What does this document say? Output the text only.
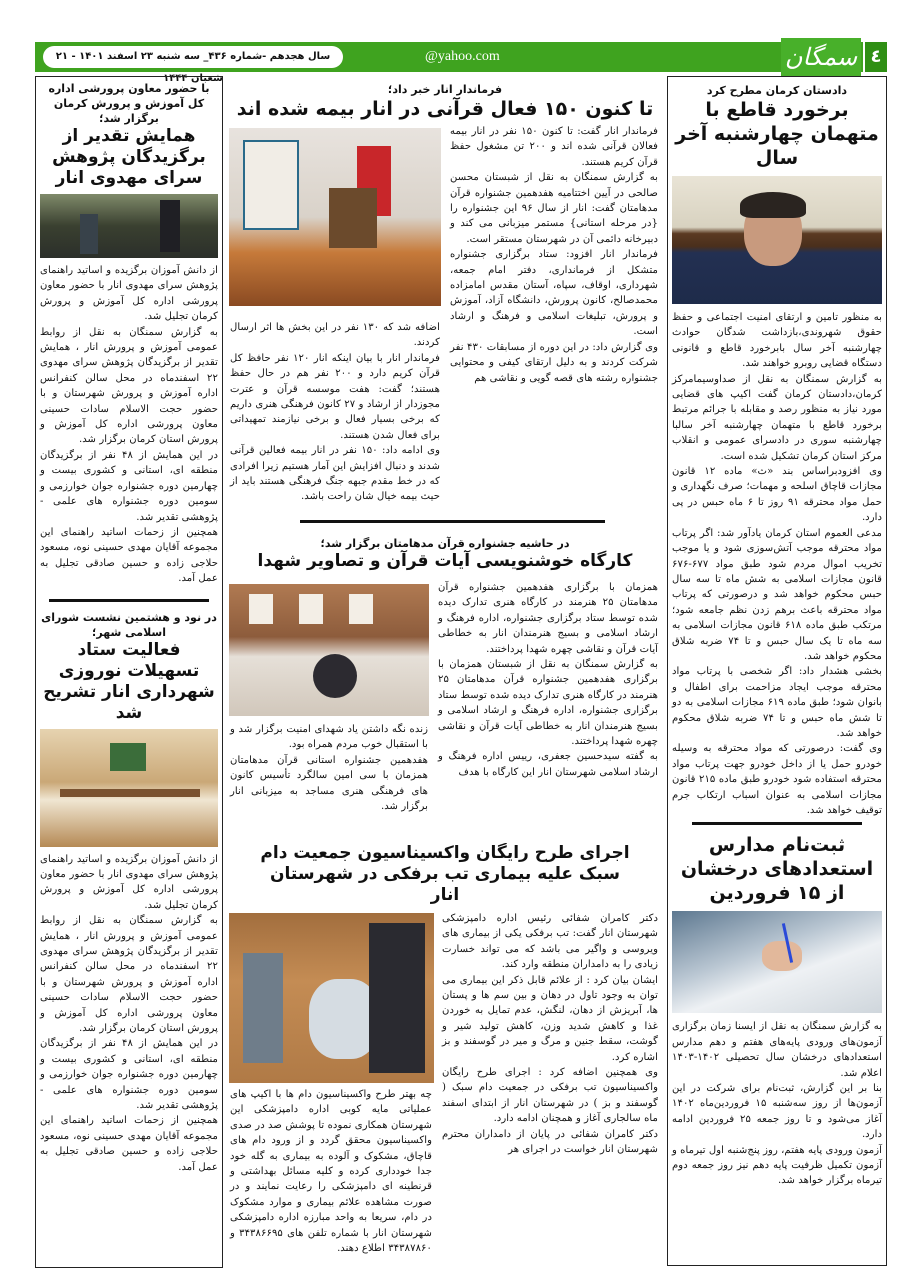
٤
سمگان
@yahoo.com
سال هجدهم -شماره ۴۳۶_ سه شنبه ۲۳ اسفند ۱۴۰۱ - ۲۱ شعبان ۱۴۴۴
دادستان کرمان مطرح کرد
برخورد قاطع با متهمان چهارشنبه آخر سال

به منظور تامین و ارتقای امنیت اجتماعی و حفظ حقوق شهروندی،بازداشت شدگان حوادث چهارشنبه آخر سال بابرخورد قاطع و قانونی دستگاه قضایی روبرو خواهند شد.

به گزارش سمنگان به نقل از صداوسیمامرکز کرمان،دادستان کرمان گفت اکیپ های قضایی مورد نیاز به منظور رصد و مقابله با جرائم مرتبط برخورد قاطع با متهمان چهارشنبه آخر سالبا چهارشنبه سوری در دادسرای عمومی و انقلاب مرکز استان کرمان تشکیل شده است.

وی افزودبراساس بند «ث» ماده ۱۲ قانون مجازات قاچاق اسلحه و مهمات؛ صرف نگهداری و حمل مواد محترقه ۹۱ روز تا ۶ ماه حبس در پی دارد.

مدعی العموم استان کرمان یادآور شد: اگر پرتاب مواد محترقه موجب آتش‌سوزی شود و یا موجب تخریب اموال مردم شود طبق مواد ۶۷۷-۶۷۶ قانون مجازات اسلامی به شش ماه تا سه سال حبس محکوم خواهد شد و درصورتی که پرتاب مواد محترقه باعث برهم زدن نظم جامعه شود؛ مرتکب طبق ماده ۶۱۸ قانون مجازات اسلامی به سه ماه تا یک سال حبس و تا ۷۴ ضربه شلاق محکوم خواهد شد.

بخشی هشدار داد: اگر شخصی با پرتاب مواد محترقه موجب ایجاد مزاحمت برای اطفال و بانوان شود؛ طبق ماده ۶۱۹ مجازات اسلامی به دو تا شش ماه حبس و تا ۷۴ ضربه شلاق محکوم خواهد شد.

وی گفت: درصورتی که مواد محترقه به وسیله خودرو حمل یا از داخل خودرو جهت پرتاب مواد محترقه استفاده شود خودرو طبق ماده ۲۱۵ قانون مجازات اسلامی به عنوان اسباب ارتکاب جرم توقیف خواهد شد.

ثبت‌نام مدارس استعدادهای درخشان از ۱۵ فروردین

به گزارش سمنگان به نقل از ایسنا زمان برگزاری آزمون‌های ورودی پایه‌های هفتم و دهم مدارس استعدادهای درخشان سال تحصیلی ۱۴۰۲-۱۴۰۳ اعلام شد.

بنا بر این گزارش، ثبت‌نام برای شرکت در این آزمون‌ها از روز سه‌شنبه ۱۵ فروردین‌ماه ۱۴۰۲ آغاز می‌شود و تا روز جمعه ۲۵ فروردین ادامه دارد.

آزمون ورودی پایه هفتم، روز پنج‌شنبه اول تیرماه و آزمون تکمیل ظرفیت پایه دهم نیز روز جمعه دوم تیرماه برگزار خواهد شد.

فرماندار انار خبر داد؛
تا کنون ۱۵۰ فعال قرآنی در انار بیمه شده اند

فرماندار انار گفت: تا کنون ۱۵۰ نفر در انار بیمه فعالان قرآنی شده اند و ۲۰۰ تن مشغول حفظ قرآن کریم هستند.

به گزارش سمنگان به نقل از شبستان محسن صالحی در آیین اختتامیه هفدهمین جشنواره قرآن مدهامتان گفت: انار از سال ۹۶ این جشنواره را {در مرحله استانی} مستمر میزبانی می کند و دبیرخانه دائمی آن در شهرستان مستقر است.

فرماندار انار افزود: ستاد برگزاری جشنواره متشکل از فرمانداری، دفتر امام جمعه، شهرداری، اوقاف، سپاه، آستان مقدس امامزاده محمدصالح، کانون پرورش، دانشگاه آزاد، آموزش و پرورش، تبلیغات اسلامی و فرهنگ و ارشاد است.

وی گزارش داد: در این دوره از مسابقات ۴۳۰ نفر شرکت کردند و به دلیل ارتقای کیفی و محتوایی جشنواره رشته های قصه گویی و نقاشی هم

اضافه شد که ۱۳۰ نفر در این بخش ها اثر ارسال کردند.

فرماندار انار با بیان اینکه انار ۱۲۰ نفر حافظ کل قرآن کریم دارد و ۲۰۰ نفر هم در حال حفظ هستند؛ گفت: هفت موسسه قرآن و عترت مجوزدار از ارشاد و ۲۷ کانون فرهنگی هنری داریم که برخی بسیار فعال و برخی نیازمند تمهیداتی برای فعال شدن هستند.

وی ادامه داد: ۱۵۰ نفر در انار بیمه فعالین قرآنی شدند و دنبال افزایش این آمار هستیم زیرا افرادی که در خط مقدم جبهه جنگ فرهنگی هستند باید از حیث بیمه خیال شان راحت باشد.

در حاشیه جشنواره قرآن مدهامتان برگزار شد؛
کارگاه خوشنویسی آیات قرآن و تصاویر شهدا

همزمان با برگزاری هفدهمین جشنواره قرآن مدهامتان ۲۵ هنرمند در کارگاه هنری تدارک دیده شده توسط ستاد برگزاری جشنواره، اداره فرهنگ و ارشاد اسلامی و بسیج هنرمندان انار به خطاطی آیات قرآن و نقاشی چهره شهدا پرداختند.

به گزارش سمنگان به نقل از شبستان همزمان با برگزاری هفدهمین جشنواره قرآن مدهامتان ۲۵ هنرمند در کارگاه هنری تدارک دیده شده توسط ستاد برگزاری جشنواره، اداره فرهنگ و ارشاد اسلامی و بسیج هنرمندان انار به خطاطی آیات قرآن و نقاشی چهره شهدا پرداختند.

به گفته سیدحسین جعفری، رییس اداره فرهنگ و ارشاد اسلامی شهرستان انار این کارگاه با هدف

زنده نگه داشتن یاد شهدای امنیت برگزار شد و با استقبال خوب مردم همراه بود.

هفدهمین جشنواره استانی قرآن مدهامتان همزمان با سی امین سالگرد تأسیس کانون های فرهنگی هنری مساجد به میزبانی انار برگزار شد.

اجرای طرح رایگان واکسیناسیون جمعیت دام سبک علیه بیماری تب برفکی در شهرستان انار

دکتر کامران شفائی رئیس اداره دامپزشکی شهرستان انار گفت: تب برفکی یکی از بیماری های ویروسی و واگیر می باشد که می تواند خسارت زیادی را به دامداران منطقه وارد کند.

ایشان بیان کرد : از علائم قابل ذکر این بیماری می توان به وجود تاول در دهان و بین سم ها و پستان ها، آبریزش از دهان، لنگش، عدم تمایل به خوردن غذا و کاهش شدید وزن، کاهش تولید شیر و گوشت، سقط جنین و مرگ و میر در گوسفند و بز اشاره کرد.

وی همچنین اضافه کرد : اجرای طرح رایگان واکسیناسیون تب برفکی در جمعیت دام سبک ( گوسفند و بز ) در شهرستان انار از ابتدای اسفند ماه سالجاری آغاز و همچنان ادامه دارد.

دکتر کامران شفائی در پایان از دامداران محترم شهرستان انار خواست در اجرای هر

چه بهتر طرح واکسیناسیون دام ها با اکیپ های عملیاتی مایه کوبی اداره دامپزشکی این شهرستان همکاری نموده تا پوشش صد در صدی واکسیناسیون محقق گردد و از ورود دام های قاچاق، مشکوک و آلوده به بیماری به گله خود جدا خودداری کرده و کلیه مسائل بهداشتی و قرنطینه ای دامپزشکی را رعایت نمایند و در صورت مشاهده علائم بیماری و موارد مشکوک در دام، سریعا به واحد مبارزه اداره دامپزشکی شهرستان انار با شماره تلفن های ۳۴۳۸۶۶۹۵ و ۳۴۳۸۷۸۶۰ اطلاع دهند.

با حضور معاون پرورشی اداره کل آموزش و پرورش کرمان برگزار شد؛
همایش تقدیر از برگزیدگان پژوهش سرای مهدوی انار

از دانش آموزان برگزیده و اساتید راهنمای پژوهش سرای مهدوی انار با حضور معاون پرورشی اداره کل آموزش و پرورش کرمان تجلیل شد.

به گزارش سمنگان به نقل از روابط عمومی آموزش و پرورش انار ، همایش تقدیر از برگزیدگان پژوهش سرای مهدوی ۲۲ اسفندماه در محل سالن کنفرانس اداره آموزش و پرورش شهرستان و با حضور حجت الاسلام سادات حسینی معاون پرورشی اداره کل آموزش و پرورش استان کرمان برگزار شد.

در این همایش از ۴۸ نفر از برگزیدگان منطقه ای، استانی و کشوری بیست و چهارمین دوره جشنواره جوان خوارزمی و سومین دوره جشنواره های علمی - پژوهشی تقدیر شد.

همچنین از زحمات اساتید راهنمای این مجموعه آقایان مهدی حسینی نوه، مسعود حلاجی زاده و حسین صادقی تجلیل به عمل آمد.

در نود و هشتمین نشست شورای اسلامی شهر؛
فعالیت ستاد تسهیلات نوروزی شهرداری انار تشریح شد

از دانش آموزان برگزیده و اساتید راهنمای پژوهش سرای مهدوی انار با حضور معاون پرورشی اداره کل آموزش و پرورش کرمان تجلیل شد.

به گزارش سمنگان به نقل از روابط عمومی آموزش و پرورش انار ، همایش تقدیر از برگزیدگان پژوهش سرای مهدوی ۲۲ اسفندماه در محل سالن کنفرانس اداره آموزش و پرورش شهرستان و با حضور حجت الاسلام سادات حسینی معاون پرورشی اداره کل آموزش و پرورش استان کرمان برگزار شد.

در این همایش از ۴۸ نفر از برگزیدگان منطقه ای، استانی و کشوری بیست و چهارمین دوره جشنواره جوان خوارزمی و سومین دوره جشنواره های علمی - پژوهشی تقدیر شد.

همچنین از زحمات اساتید راهنمای این مجموعه آقایان مهدی حسینی نوه، مسعود حلاجی زاده و حسین صادقی تجلیل به عمل آمد.
